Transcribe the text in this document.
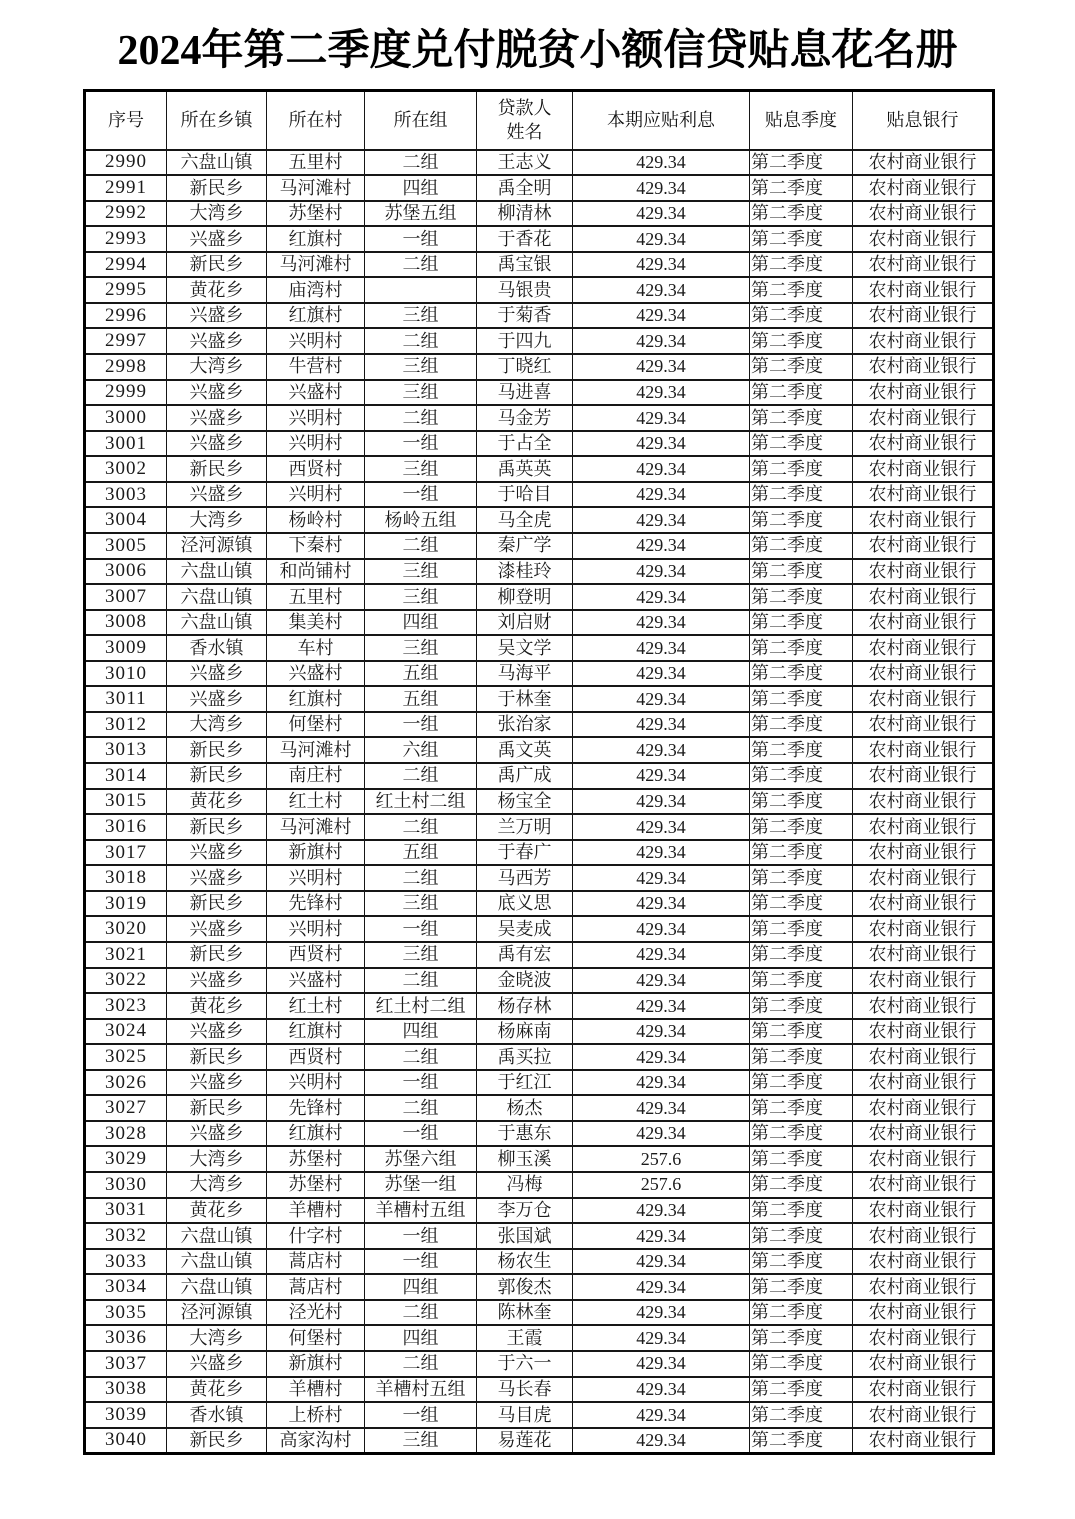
2024年第二季度兑付脱贫小额信贷贴息花名册
序号	所在乡镇	所在村	所在组	贷款人姓名	本期应贴利息	贴息季度	贴息银行
2990	六盘山镇	五里村	二组	王志义	429.34	第二季度	农村商业银行
2991	新民乡	马河滩村	四组	禹全明	429.34	第二季度	农村商业银行
2992	大湾乡	苏堡村	苏堡五组	柳清林	429.34	第二季度	农村商业银行
2993	兴盛乡	红旗村	一组	于香花	429.34	第二季度	农村商业银行
2994	新民乡	马河滩村	二组	禹宝银	429.34	第二季度	农村商业银行
2995	黄花乡	庙湾村		马银贵	429.34	第二季度	农村商业银行
2996	兴盛乡	红旗村	三组	于菊香	429.34	第二季度	农村商业银行
2997	兴盛乡	兴明村	二组	于四九	429.34	第二季度	农村商业银行
2998	大湾乡	牛营村	三组	丁晓红	429.34	第二季度	农村商业银行
2999	兴盛乡	兴盛村	三组	马进喜	429.34	第二季度	农村商业银行
3000	兴盛乡	兴明村	二组	马金芳	429.34	第二季度	农村商业银行
3001	兴盛乡	兴明村	一组	于占全	429.34	第二季度	农村商业银行
3002	新民乡	西贤村	三组	禹英英	429.34	第二季度	农村商业银行
3003	兴盛乡	兴明村	一组	于哈目	429.34	第二季度	农村商业银行
3004	大湾乡	杨岭村	杨岭五组	马全虎	429.34	第二季度	农村商业银行
3005	泾河源镇	下秦村	二组	秦广学	429.34	第二季度	农村商业银行
3006	六盘山镇	和尚铺村	三组	漆桂玲	429.34	第二季度	农村商业银行
3007	六盘山镇	五里村	三组	柳登明	429.34	第二季度	农村商业银行
3008	六盘山镇	集美村	四组	刘启财	429.34	第二季度	农村商业银行
3009	香水镇	车村	三组	吴文学	429.34	第二季度	农村商业银行
3010	兴盛乡	兴盛村	五组	马海平	429.34	第二季度	农村商业银行
3011	兴盛乡	红旗村	五组	于林奎	429.34	第二季度	农村商业银行
3012	大湾乡	何堡村	一组	张治家	429.34	第二季度	农村商业银行
3013	新民乡	马河滩村	六组	禹文英	429.34	第二季度	农村商业银行
3014	新民乡	南庄村	二组	禹广成	429.34	第二季度	农村商业银行
3015	黄花乡	红土村	红土村二组	杨宝全	429.34	第二季度	农村商业银行
3016	新民乡	马河滩村	二组	兰万明	429.34	第二季度	农村商业银行
3017	兴盛乡	新旗村	五组	于春广	429.34	第二季度	农村商业银行
3018	兴盛乡	兴明村	二组	马西芳	429.34	第二季度	农村商业银行
3019	新民乡	先锋村	三组	底义思	429.34	第二季度	农村商业银行
3020	兴盛乡	兴明村	一组	吴麦成	429.34	第二季度	农村商业银行
3021	新民乡	西贤村	三组	禹有宏	429.34	第二季度	农村商业银行
3022	兴盛乡	兴盛村	二组	金晓波	429.34	第二季度	农村商业银行
3023	黄花乡	红土村	红土村二组	杨存林	429.34	第二季度	农村商业银行
3024	兴盛乡	红旗村	四组	杨麻南	429.34	第二季度	农村商业银行
3025	新民乡	西贤村	二组	禹买拉	429.34	第二季度	农村商业银行
3026	兴盛乡	兴明村	一组	于红江	429.34	第二季度	农村商业银行
3027	新民乡	先锋村	二组	杨杰	429.34	第二季度	农村商业银行
3028	兴盛乡	红旗村	一组	于惠东	429.34	第二季度	农村商业银行
3029	大湾乡	苏堡村	苏堡六组	柳玉溪	257.6	第二季度	农村商业银行
3030	大湾乡	苏堡村	苏堡一组	冯梅	257.6	第二季度	农村商业银行
3031	黄花乡	羊槽村	羊槽村五组	李万仓	429.34	第二季度	农村商业银行
3032	六盘山镇	什字村	一组	张国斌	429.34	第二季度	农村商业银行
3033	六盘山镇	蒿店村	一组	杨农生	429.34	第二季度	农村商业银行
3034	六盘山镇	蒿店村	四组	郭俊杰	429.34	第二季度	农村商业银行
3035	泾河源镇	泾光村	二组	陈林奎	429.34	第二季度	农村商业银行
3036	大湾乡	何堡村	四组	王霞	429.34	第二季度	农村商业银行
3037	兴盛乡	新旗村	二组	于六一	429.34	第二季度	农村商业银行
3038	黄花乡	羊槽村	羊槽村五组	马长春	429.34	第二季度	农村商业银行
3039	香水镇	上桥村	一组	马目虎	429.34	第二季度	农村商业银行
3040	新民乡	高家沟村	三组	易莲花	429.34	第二季度	农村商业银行
